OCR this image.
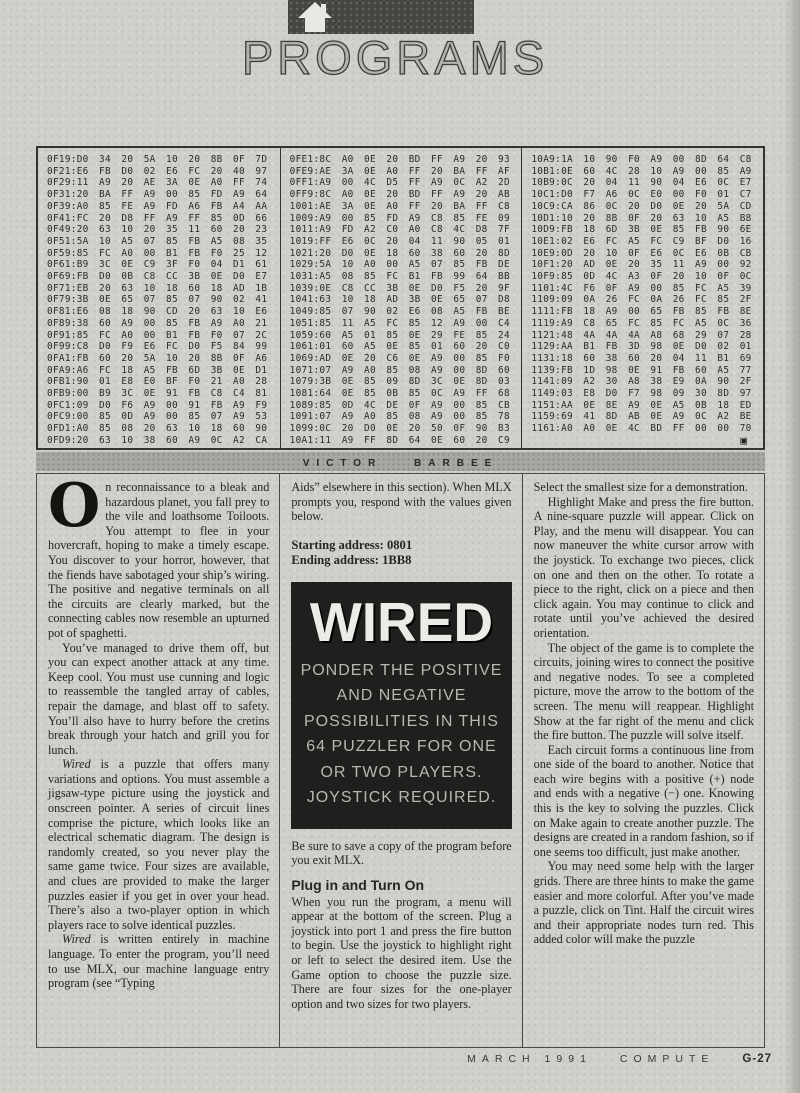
PROGRAMS
0F19:D0 34 20 5A 10 20 8B 0F 7D
0F21:E6 FB D0 02 E6 FC 20 40 97
0F29:11 A9 20 AE 3A 0E A0 FF 74
0F31:20 BA FF A9 00 85 FD A9 64
0F39:A0 85 FE A9 FD A6 FB A4 AA
0F41:FC 20 D8 FF A9 FF 85 0D 66
0F49:20 63 10 20 35 11 60 20 23
0F51:5A 10 A5 07 85 FB A5 08 35
0F59:85 FC A0 00 B1 FB F0 25 12
0F61:B9 3C 0E C9 3F F0 04 D1 61
0F69:FB D0 0B C8 CC 3B 0E D0 E7
0F71:EB 20 63 10 18 60 18 AD 1B
0F79:3B 0E 65 07 85 07 90 02 41
0F81:E6 08 18 90 CD 20 63 10 E6
0F89:38 60 A9 00 85 FB A9 A0 21
0F91:85 FC A0 00 B1 FB F0 07 2C
0F99:C8 D0 F9 E6 FC D0 F5 84 99
0FA1:FB 60 20 5A 10 20 8B 0F A6
0FA9:A6 FC 18 A5 FB 6D 3B 0E D1
0FB1:90 01 E8 E0 BF F0 21 A0 28
0FB9:00 B9 3C 0E 91 FB C8 C4 81
0FC1:09 D0 F6 A9 00 91 FB A9 F9
0FC9:00 85 0D A9 00 85 07 A9 53
0FD1:A0 85 08 20 63 10 18 60 90
0FD9:20 63 10 38 60 A9 0C A2 CA
0FE1:8C A0 0E 20 BD FF A9 20 93
0FE9:AE 3A 0E A0 FF 20 BA FF AF
0FF1:A9 00 4C D5 FF A9 0C A2 2D
0FF9:8C A0 0E 20 BD FF A9 20 AB
1001:AE 3A 0E A0 FF 20 BA FF C8
1009:A9 00 85 FD A9 C8 85 FE 09
1011:A9 FD A2 C0 A0 C8 4C D8 7F
1019:FF E6 0C 20 04 11 90 05 01
1021:20 D0 0E 18 60 38 60 20 8D
1029:5A 10 A0 00 A5 07 85 FB DE
1031:A5 08 85 FC B1 FB 99 64 BB
1039:0E C8 CC 3B 0E D0 F5 20 9F
1041:63 10 18 AD 3B 0E 65 07 D8
1049:85 07 90 02 E6 08 A5 FB BE
1051:85 11 A5 FC 85 12 A9 00 C4
1059:60 A5 01 85 0E 29 FE 85 24
1061:01 60 A5 0E 85 01 60 20 C0
1069:AD 0E 20 C6 0E A9 00 85 F0
1071:07 A9 A0 85 08 A9 00 8D 60
1079:3B 0E 85 09 8D 3C 0E 8D 03
1081:64 0E 85 0B 85 0C A9 FF 68
1089:85 0D 4C DE 0F A9 00 85 CB
1091:07 A9 A0 85 08 A9 00 85 78
1099:0C 20 D0 0E 20 50 0F 90 B3
10A1:11 A9 FF 8D 64 0E 60 20 C9
10A9:1A 10 90 F0 A9 00 8D 64 C8
10B1:0E 60 4C 28 10 A9 00 85 A9
10B9:0C 20 04 11 90 04 E6 0C E7
10C1:D0 F7 A6 0C E0 00 F0 01 C7
10C9:CA 86 0C 20 D0 0E 20 5A CD
10D1:10 20 8B 0F 20 63 10 A5 B8
10D9:FB 18 6D 3B 0E 85 FB 90 6E
10E1:02 E6 FC A5 FC C9 BF D0 16
10E9:0D 20 10 0F E6 0C E6 0B CB
10F1:20 AD 0E 20 35 11 A9 00 92
10F9:85 0D 4C A3 0F 20 10 0F 0C
1101:4C F6 0F A9 00 85 FC A5 39
1109:09 0A 26 FC 0A 26 FC 85 2F
1111:FB 18 A9 00 65 FB 85 FB 8E
1119:A9 C8 65 FC 85 FC A5 0C 36
1121:48 4A 4A 4A A8 68 29 07 28
1129:AA B1 FB 3D 98 0E D0 02 01
1131:18 60 38 60 20 04 11 B1 69
1139:FB 1D 98 0E 91 FB 60 A5 77
1141:09 A2 30 A8 38 E9 0A 90 2F
1149:03 E8 D0 F7 98 09 30 8D 97
1151:AA 0E 8E A9 0E A5 0B 18 ED
1159:69 41 8D AB 0E A9 0C A2 BE
1161:A0 A0 0E 4C BD FF 00 00 70
▣
VICTOR BARBEE
On reconnaissance to a bleak and hazardous planet, you fall prey to the vile and loathsome Toiloots. You attempt to flee in your hovercraft, hoping to make a timely escape. You discover to your horror, however, that the fiends have sabotaged your ship’s wiring. The positive and negative terminals on all the circuits are clearly marked, but the connecting cables now resemble an upturned pot of spaghetti.
You’ve managed to drive them off, but you can expect another attack at any time. Keep cool. You must use cunning and logic to reassemble the tangled array of cables, repair the damage, and blast off to safety. You’ll also have to hurry before the cretins break through your hatch and grill you for lunch.
Wired is a puzzle that offers many variations and options. You must assemble a jigsaw-type picture using the joystick and onscreen pointer. A series of circuit lines comprise the picture, which looks like an electrical schematic diagram. The design is randomly created, so you never play the same game twice. Four sizes are available, and clues are provided to make the larger puzzles easier if you get in over your head. There’s also a two-player option in which players race to solve identical puzzles.
Wired is written entirely in machine language. To enter the program, you’ll need to use MLX, our machine language entry program (see “Typing
Aids” elsewhere in this section). When MLX prompts you, respond with the values given below.
Starting address: 0801
Ending address: 1BB8
WIRED
PONDER THE POSITIVE
AND NEGATIVE
POSSIBILITIES IN THIS
64 PUZZLER FOR ONE
OR TWO PLAYERS.
JOYSTICK REQUIRED.
Be sure to save a copy of the program before you exit MLX.
Plug in and Turn On
When you run the program, a menu will appear at the bottom of the screen. Plug a joystick into port 1 and press the fire button to begin. Use the joystick to highlight right or left to select the desired item. Use the Game option to choose the puzzle size. There are four sizes for the one-player option and two sizes for two players.
Select the smallest size for a demonstration.
Highlight Make and press the fire button. A nine-square puzzle will appear. Click on Play, and the menu will disappear. You can now maneuver the white cursor arrow with the joystick. To exchange two pieces, click on one and then on the other. To rotate a piece to the right, click on a piece and then click again. You may continue to click and rotate until you’ve achieved the desired orientation.
The object of the game is to complete the circuits, joining wires to connect the positive and negative nodes. To see a completed picture, move the arrow to the bottom of the screen. The menu will reappear. Highlight Show at the far right of the menu and click the fire button. The puzzle will solve itself.
Each circuit forms a continuous line from one side of the board to another. Notice that each wire begins with a positive (+) node and ends with a negative (−) one. Knowing this is the key to solving the puzzles. Click on Make again to create another puzzle. The designs are created in a random fashion, so if one seems too difficult, just make another.
You may need some help with the larger grids. There are three hints to make the game easier and more colorful. After you’ve made a puzzle, click on Tint. Half the circuit wires and their appropriate nodes turn red. This added color will make the puzzle
MARCH 1991	COMPUTE G-27
